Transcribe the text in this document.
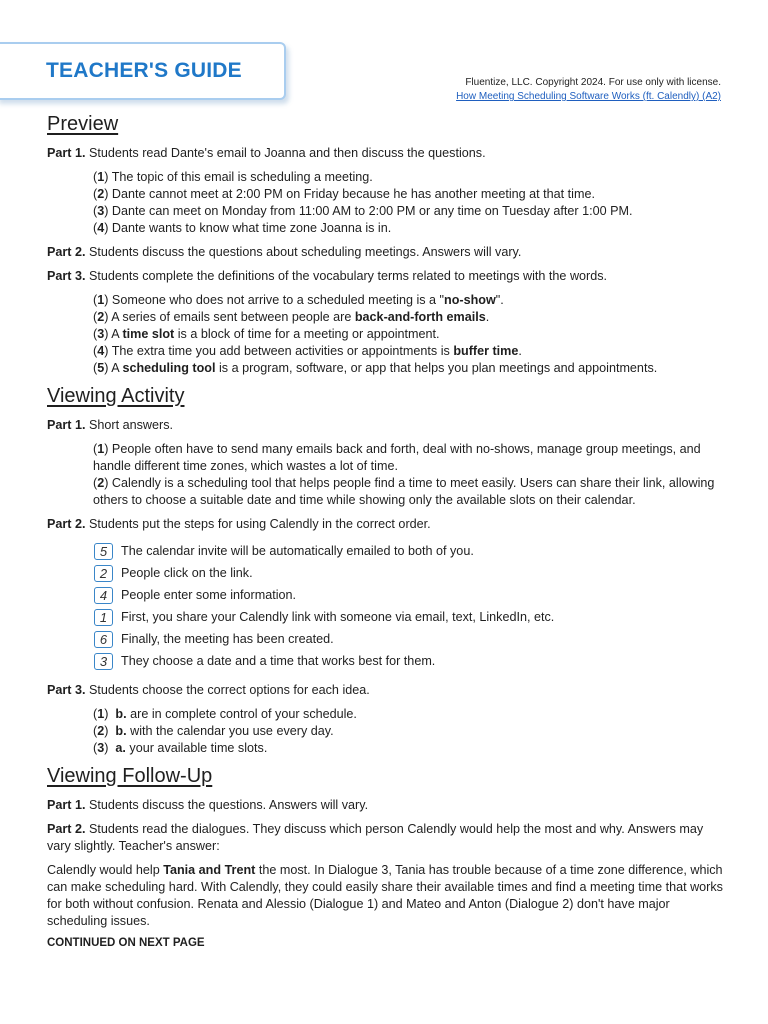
TEACHER'S GUIDE
Fluentize, LLC. Copyright 2024. For use only with license.
How Meeting Scheduling Software Works (ft. Calendly) (A2)
Preview

Part 1. Students read Dante's email to Joanna and then discuss the questions.

(1) The topic of this email is scheduling a meeting.
(2) Dante cannot meet at 2:00 PM on Friday because he has another meeting at that time.
(3) Dante can meet on Monday from 11:00 AM to 2:00 PM or any time on Tuesday after 1:00 PM.
(4) Dante wants to know what time zone Joanna is in.

Part 2. Students discuss the questions about scheduling meetings. Answers will vary.

Part 3. Students complete the definitions of the vocabulary terms related to meetings with the words.

(1) Someone who does not arrive to a scheduled meeting is a "no-show".
(2) A series of emails sent between people are back-and-forth emails.
(3) A time slot is a block of time for a meeting or appointment.
(4) The extra time you add between activities or appointments is buffer time.
(5) A scheduling tool is a program, software, or app that helps you plan meetings and appointments.
Viewing Activity

Part 1. Short answers.

(1) People often have to send many emails back and forth, deal with no-shows, manage group meetings, and handle different time zones, which wastes a lot of time.
(2) Calendly is a scheduling tool that helps people find a time to meet easily. Users can share their link, allowing others to choose a suitable date and time while showing only the available slots on their calendar.

Part 2. Students put the steps for using Calendly in the correct order.

5	The calendar invite will be automatically emailed to both of you.
2	People click on the link.
4	People enter some information.
1	First, you share your Calendly link with someone via email, text, LinkedIn, etc.
6	Finally, the meeting has been created.
3	They choose a date and a time that works best for them.

Part 3. Students choose the correct options for each idea.

(1)  b. are in complete control of your schedule.
(2)  b. with the calendar you use every day.
(3)  a. your available time slots.
Viewing Follow-Up

Part 1. Students discuss the questions. Answers will vary.

Part 2. Students read the dialogues. They discuss which person Calendly would help the most and why. Answers may vary slightly. Teacher's answer:

Calendly would help Tania and Trent the most. In Dialogue 3, Tania has trouble because of a time zone difference, which can make scheduling hard. With Calendly, they could easily share their available times and find a meeting time that works for both without confusion. Renata and Alessio (Dialogue 1) and Mateo and Anton (Dialogue 2) don't have major scheduling issues.

CONTINUED ON NEXT PAGE
